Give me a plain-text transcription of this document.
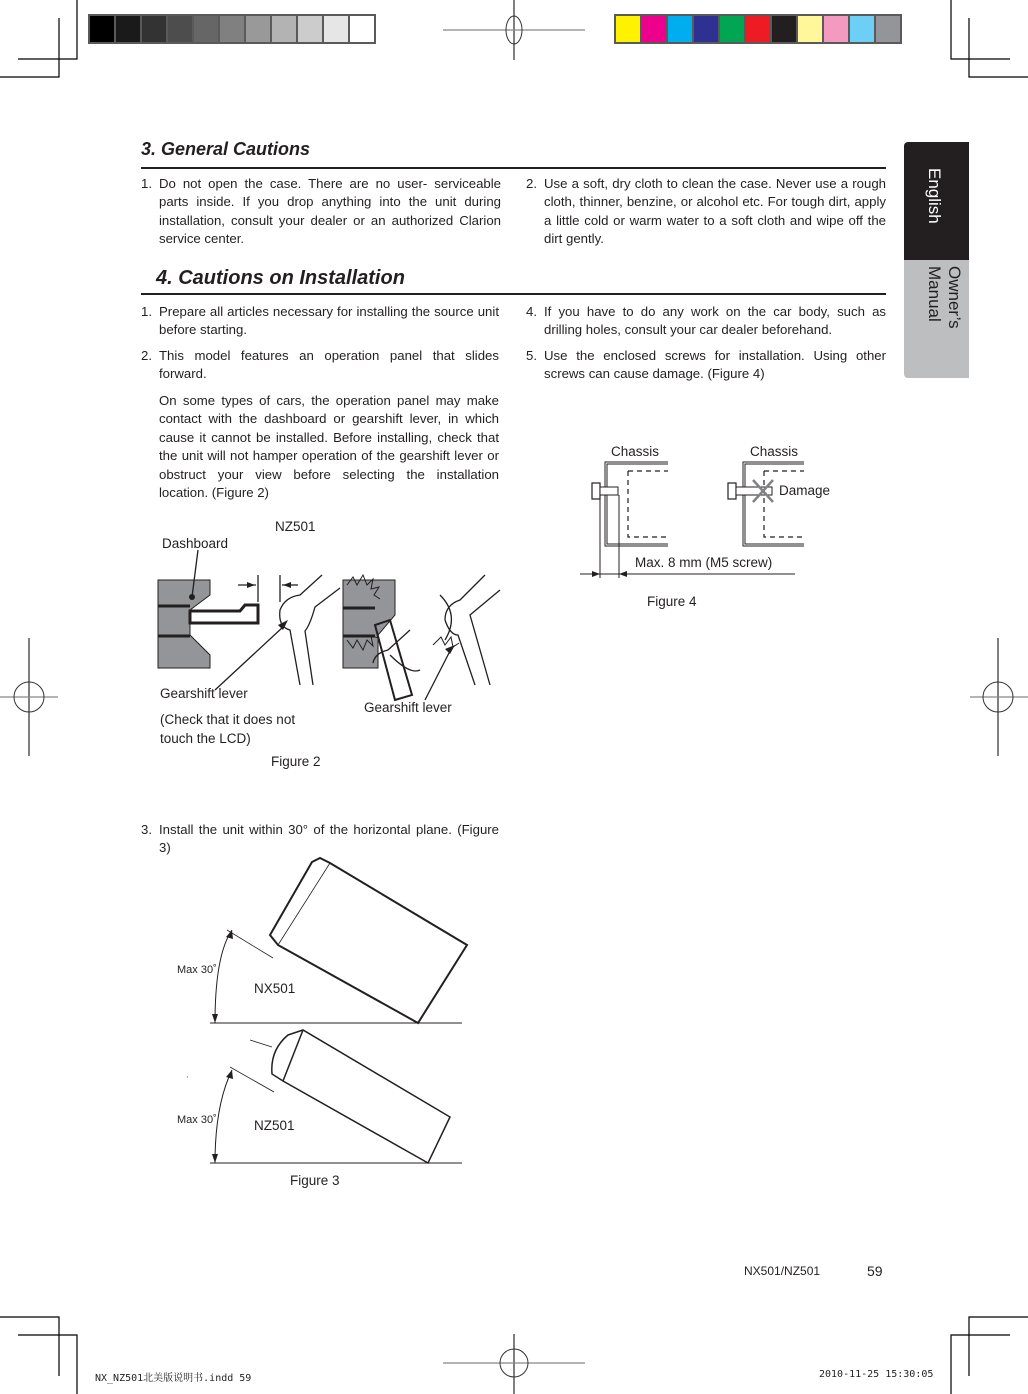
English
Owner’s Manual
3. General Cautions
1. Do not open the case. There are no user- serviceable parts inside. If you drop anything into the unit during installation, consult your dealer or an authorized Clarion service center.
2. Use a soft, dry cloth to clean the case. Never use a rough cloth, thinner, benzine, or alcohol etc. For tough dirt, apply a little cold or warm water to a soft cloth and wipe off the dirt gently.
4. Cautions on Installation
1. Prepare all articles necessary for installing the source unit before starting.
2. This model features an operation panel that slides forward.
On some types of cars, the operation panel may make contact with the dashboard or gearshift lever, in which cause it cannot be installed. Before installing, check that the unit will not hamper operation of the gearshift lever or obstruct your view before selecting the installation location. (Figure 2)
3. Install the unit within 30° of the horizontal plane. (Figure 3)
4. If you have to do any work on the car body, such as drilling holes, consult your car dealer beforehand.
5. Use the enclosed screws for installation. Using other screws can cause damage. (Figure 4)
NZ501
Dashboard
Gearshift lever
Gearshift lever
(Check that it does not
touch the LCD)
Figure 2
Max 30˚
NX501
Max 30˚	NZ501
Figure 3
Chassis	Chassis
Damage
Max. 8 mm (M5 screw)
Figure 4
NX501/NZ501	59
NX_NZ501北美版说明书.indd 59	2010-11-25 15:30:05
